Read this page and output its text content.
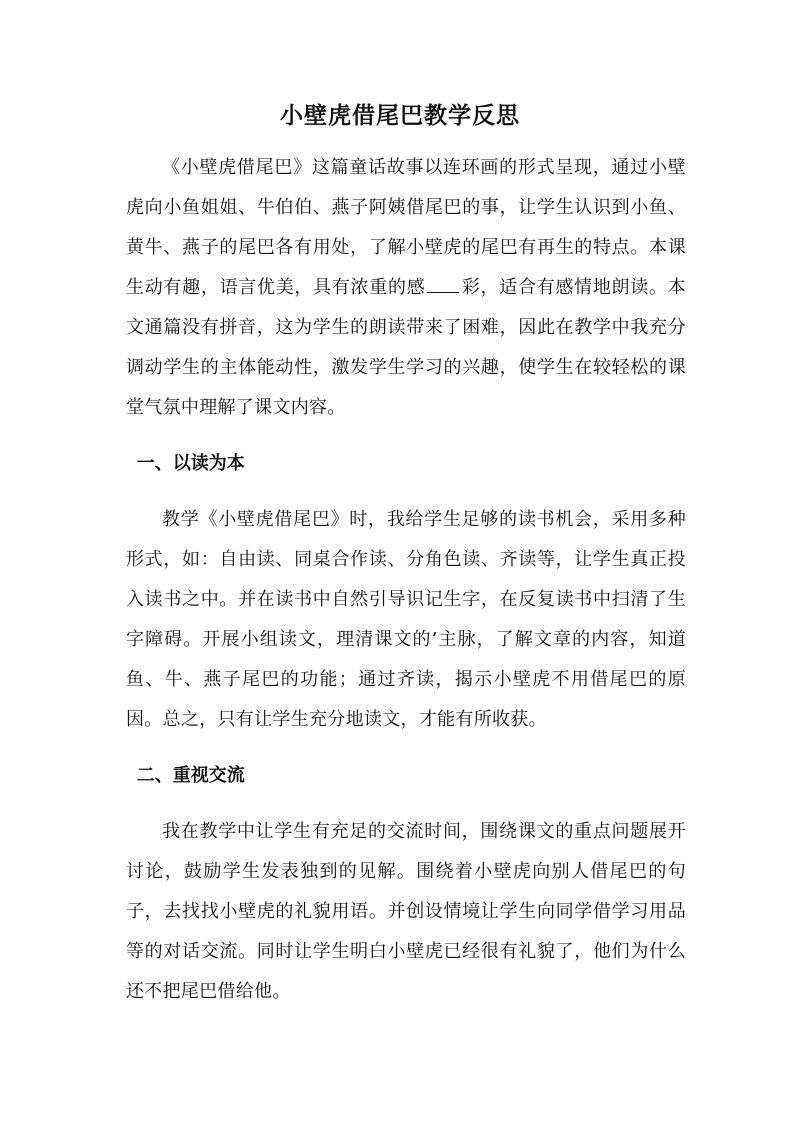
小壁虎借尾巴教学反思

《小壁虎借尾巴》这篇童话故事以连环画的形式呈现，通过小壁虎向小鱼姐姐、牛伯伯、燕子阿姨借尾巴的事，让学生认识到小鱼、黄牛、燕子的尾巴各有用处，了解小壁虎的尾巴有再生的特点。本课生动有趣，语言优美，具有浓重的感 彩，适合有感情地朗读。本文通篇没有拼音，这为学生的朗读带来了困难，因此在教学中我充分调动学生的主体能动性，激发学生学习的兴趣，使学生在较轻松的课堂气氛中理解了课文内容。

一、以读为本

教学《小壁虎借尾巴》时，我给学生足够的读书机会，采用多种形式，如：自由读、同桌合作读、分角色读、齐读等，让学生真正投入读书之中。并在读书中自然引导识记生字，在反复读书中扫清了生字障碍。开展小组读文，理清课文的’主脉，了解文章的内容，知道鱼、牛、燕子尾巴的功能；通过齐读，揭示小壁虎不用借尾巴的原因。总之，只有让学生充分地读文，才能有所收获。

二、重视交流

我在教学中让学生有充足的交流时间，围绕课文的重点问题展开讨论，鼓励学生发表独到的见解。围绕着小壁虎向别人借尾巴的句子，去找找小壁虎的礼貌用语。并创设情境让学生向同学借学习用品等的对话交流。同时让学生明白小壁虎已经很有礼貌了，他们为什么还不把尾巴借给他。
